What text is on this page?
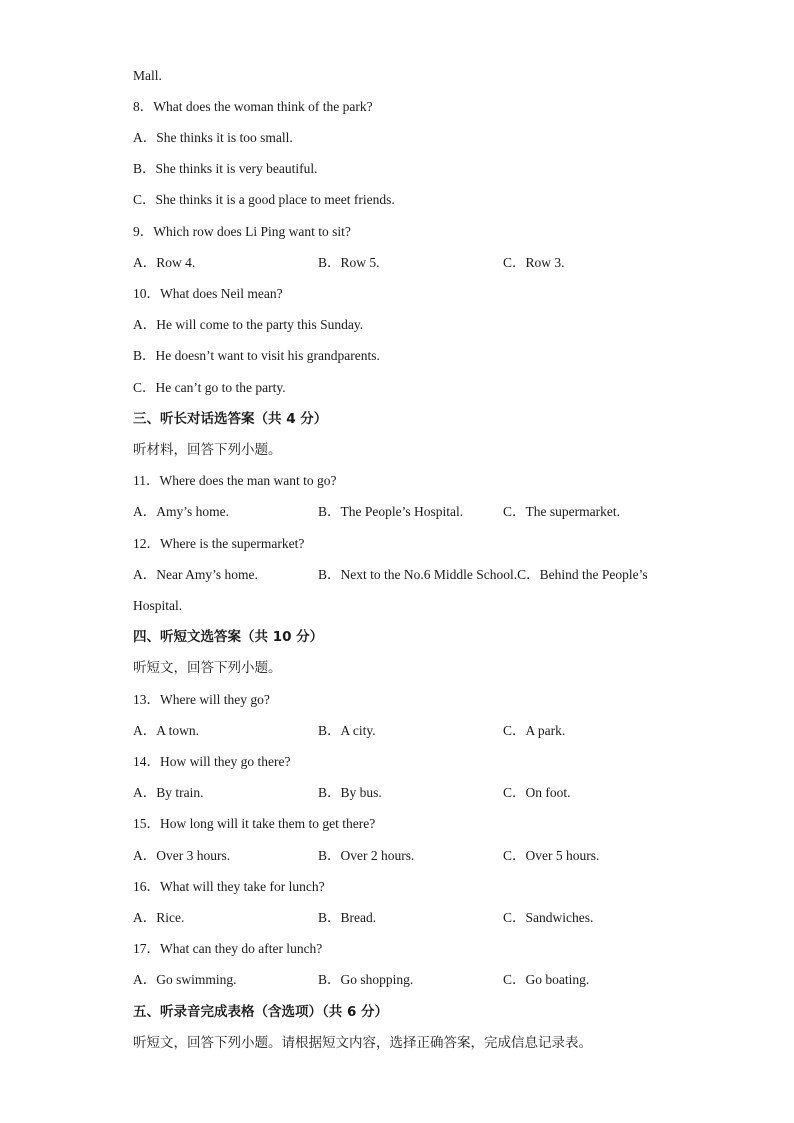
Mall.
8．What does the woman think of the park?
A．She thinks it is too small.
B．She thinks it is very beautiful.
C．She thinks it is a good place to meet friends.
9．Which row does Li Ping want to sit?
A．Row 4.	B．Row 5.	C．Row 3.
10．What does Neil mean?
A．He will come to the party this Sunday.
B．He doesn’t want to visit his grandparents.
C．He can’t go to the party.
三、听长对话选答案（共 4 分）
听材料，回答下列小题。
11．Where does the man want to go?
A．Amy’s home.	B．The People’s Hospital.	C．The supermarket.
12．Where is the supermarket?
A．Near Amy’s home.	B．Next to the No.6 Middle School.C．Behind the People’s
Hospital.
四、听短文选答案（共 10 分）
听短文，回答下列小题。
13．Where will they go?
A．A town.	B．A city.	C．A park.
14．How will they go there?
A．By train.	B．By bus.	C．On foot.
15．How long will it take them to get there?
A．Over 3 hours.	B．Over 2 hours.	C．Over 5 hours.
16．What will they take for lunch?
A．Rice.	B．Bread.	C．Sandwiches.
17．What can they do after lunch?
A．Go swimming.	B．Go shopping.	C．Go boating.
五、听录音完成表格（含选项）（共 6 分）
听短文，回答下列小题。请根据短文内容，选择正确答案，完成信息记录表。
